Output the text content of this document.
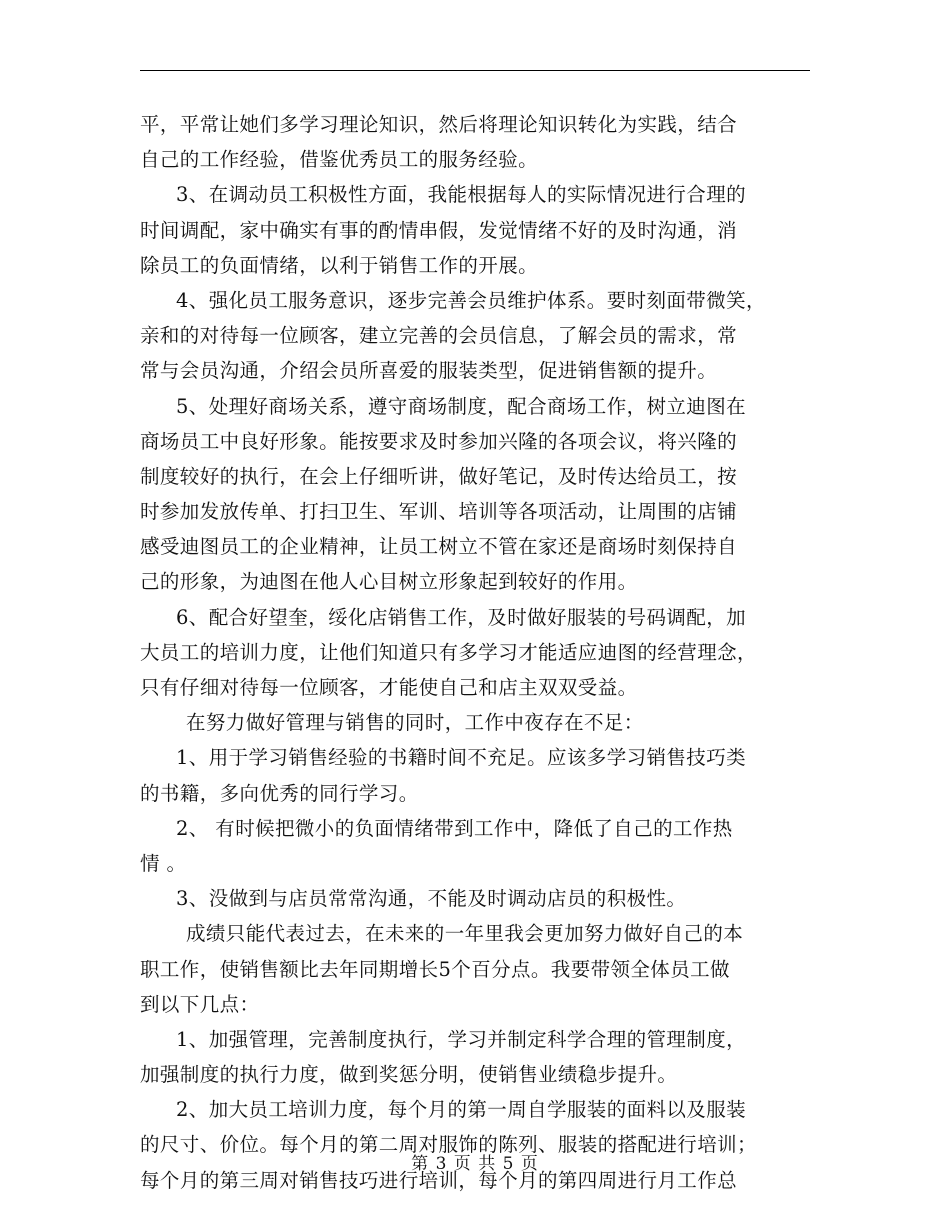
平，平常让她们多学习理论知识，然后将理论知识转化为实践，结合
自己的工作经验，借鉴优秀员工的服务经验。
3、在调动员工积极性方面，我能根据每人的实际情况进行合理的
时间调配，家中确实有事的酌情串假，发觉情绪不好的及时沟通，消
除员工的负面情绪，以利于销售工作的开展。
4、强化员工服务意识，逐步完善会员维护体系。要时刻面带微笑，
亲和的对待每一位顾客，建立完善的会员信息，了解会员的需求，常
常与会员沟通，介绍会员所喜爱的服装类型，促进销售额的提升。
5、处理好商场关系，遵守商场制度，配合商场工作，树立迪图在
商场员工中良好形象。能按要求及时参加兴隆的各项会议，将兴隆的
制度较好的执行，在会上仔细听讲，做好笔记，及时传达给员工，按
时参加发放传单、打扫卫生、军训、培训等各项活动，让周围的店铺
感受迪图员工的企业精神，让员工树立不管在家还是商场时刻保持自
己的形象，为迪图在他人心目树立形象起到较好的作用。
6、配合好望奎，绥化店销售工作，及时做好服装的号码调配，加
大员工的培训力度，让他们知道只有多学习才能适应迪图的经营理念，
只有仔细对待每一位顾客，才能使自己和店主双双受益。
在努力做好管理与销售的同时，工作中夜存在不足：
1、用于学习销售经验的书籍时间不充足。应该多学习销售技巧类
的书籍，多向优秀的同行学习。
2、 有时候把微小的负面情绪带到工作中，降低了自己的工作热
情 。
3、没做到与店员常常沟通，不能及时调动店员的积极性。
成绩只能代表过去，在未来的一年里我会更加努力做好自己的本
职工作，使销售额比去年同期增长5个百分点。我要带领全体员工做
到以下几点：
1、加强管理，完善制度执行，学习并制定科学合理的管理制度，
加强制度的执行力度，做到奖惩分明，使销售业绩稳步提升。
2、加大员工培训力度，每个月的第一周自学服装的面料以及服装
的尺寸、价位。每个月的第二周对服饰的陈列、服装的搭配进行培训；
每个月的第三周对销售技巧进行培训，每个月的第四周进行月工作总
第 3 页 共 5 页
